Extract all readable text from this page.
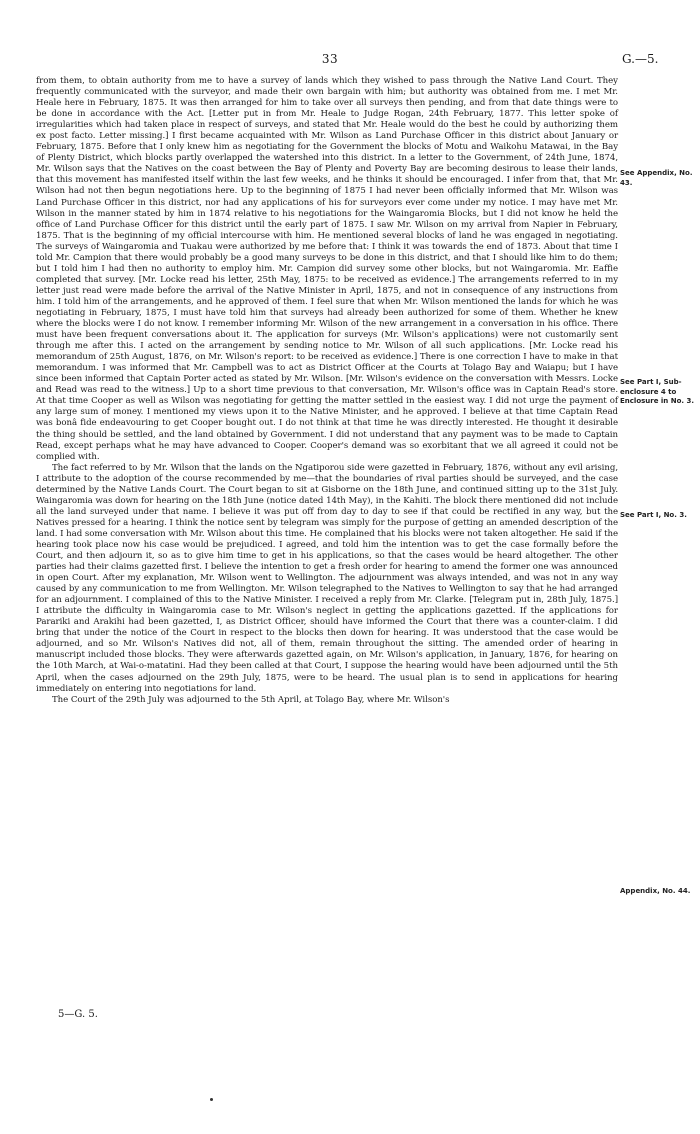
33	G.—5.

from them, to obtain authority from me to have a survey of lands which they wished to pass through the Native Land Court. They frequently communicated with the surveyor, and made their own bargain with him; but authority was obtained from me. I met Mr. Heale here in February, 1875. It was then arranged for him to take over all surveys then pending, and from that date things were to be done in accordance with the Act. [Letter put in from Mr. Heale to Judge Rogan, 24th February, 1877. This letter spoke of irregularities which had taken place in respect of surveys, and stated that Mr. Heale would do the best he could by authorizing them ex post facto. Letter missing.] I first became acquainted with Mr. Wilson as Land Purchase Officer in this district about January or February, 1875. Before that I only knew him as negotiating for the Government the blocks of Motu and Waikohu Matawai, in the Bay of Plenty District, which blocks partly overlapped the watershed into this district. In a letter to the Government, of 24th June, 1874, Mr. Wilson says that the Natives on the coast between the Bay of Plenty and Poverty Bay are becoming desirous to lease their lands, that this movement has manifested itself within the last few weeks, and he thinks it should be encouraged. I infer from that, that Mr. Wilson had not then begun negotiations here. Up to the beginning of 1875 I had never been officially informed that Mr. Wilson was Land Purchase Officer in this district, nor had any applications of his for surveyors ever come under my notice. I may have met Mr. Wilson in the manner stated by him in 1874 relative to his negotiations for the Waingaromia Blocks, but I did not know he held the office of Land Purchase Officer for this district until the early part of 1875. I saw Mr. Wilson on my arrival from Napier in February, 1875. That is the beginning of my official intercourse with him. He mentioned several blocks of land he was engaged in negotiating. The surveys of Waingaromia and Tuakau were authorized by me before that: I think it was towards the end of 1873. About that time I told Mr. Campion that there would probably be a good many surveys to be done in this district, and that I should like him to do them; but I told him I had then no authority to employ him. Mr. Campion did survey some other blocks, but not Waingaromia. Mr. Eaffie completed that survey. [Mr. Locke read his letter, 25th May, 1875: to be received as evidence.] The arrangements referred to in my letter just read were made before the arrival of the Native Minister in April, 1875, and not in consequence of any instructions from him. I told him of the arrangements, and he approved of them. I feel sure that when Mr. Wilson mentioned the lands for which he was negotiating in February, 1875, I must have told him that surveys had already been authorized for some of them. Whether he knew where the blocks were I do not know. I remember informing Mr. Wilson of the new arrangement in a conversation in his office. There must have been frequent conversations about it. The application for surveys (Mr. Wilson's applications) were not customarily sent through me after this. I acted on the arrangement by sending notice to Mr. Wilson of all such applications. [Mr. Locke read his memorandum of 25th August, 1876, on Mr. Wilson's report: to be received as evidence.] There is one correction I have to make in that memorandum. I was informed that Mr. Campbell was to act as District Officer at the Courts at Tolago Bay and Waiapu; but I have since been informed that Captain Porter acted as stated by Mr. Wilson. [Mr. Wilson's evidence on the conversation with Messrs. Locke and Read was read to the witness.] Up to a short time previous to that conversation, Mr. Wilson's office was in Captain Read's store. At that time Cooper as well as Wilson was negotiating for getting the matter settled in the easiest way. I did not urge the payment of any large sum of money. I mentioned my views upon it to the Native Minister, and he approved. I believe at that time Captain Read was bonâ fide endeavouring to get Cooper bought out. I do not think at that time he was directly interested. He thought it desirable the thing should be settled, and the land obtained by Government. I did not understand that any payment was to be made to Captain Read, except perhaps what he may have advanced to Cooper. Cooper's demand was so exorbitant that we all agreed it could not be complied with.

The fact referred to by Mr. Wilson that the lands on the Ngatiporou side were gazetted in February, 1876, without any evil arising, I attribute to the adoption of the course recommended by me—that the boundaries of rival parties should be surveyed, and the case determined by the Native Lands Court. The Court began to sit at Gisborne on the 18th June, and continued sitting up to the 31st July. Waingaromia was down for hearing on the 18th June (notice dated 14th May), in the Kahiti. The block there mentioned did not include all the land surveyed under that name. I believe it was put off from day to day to see if that could be rectified in any way, but the Natives pressed for a hearing. I think the notice sent by telegram was simply for the purpose of getting an amended description of the land. I had some conversation with Mr. Wilson about this time. He complained that his blocks were not taken altogether. He said if the hearing took place now his case would be prejudiced. I agreed, and told him the intention was to get the case formally before the Court, and then adjourn it, so as to give him time to get in his applications, so that the cases would be heard altogether. The other parties had their claims gazetted first. I believe the intention to get a fresh order for hearing to amend the former one was announced in open Court. After my explanation, Mr. Wilson went to Wellington. The adjournment was always intended, and was not in any way caused by any communication to me from Wellington. Mr. Wilson telegraphed to the Natives to Wellington to say that he had arranged for an adjournment. I complained of this to the Native Minister. I received a reply from Mr. Clarke. [Telegram put in, 28th July, 1875.] I attribute the difficulty in Waingaromia case to Mr. Wilson's neglect in getting the applications gazetted. If the applications for Parariki and Arakihi had been gazetted, I, as District Officer, should have informed the Court that there was a counter-claim. I did bring that under the notice of the Court in respect to the blocks then down for hearing. It was understood that the case would be adjourned, and so Mr. Wilson's Natives did not, all of them, remain throughout the sitting. The amended order of hearing in manuscript included those blocks. They were afterwards gazetted again, on Mr. Wilson's application, in January, 1876, for hearing on the 10th March, at Wai-o-matatini. Had they been called at that Court, I suppose the hearing would have been adjourned until the 5th April, when the cases adjourned on the 29th July, 1875, were to be heard. The usual plan is to send in applications for hearing immediately on entering into negotiations for land.

The Court of the 29th July was adjourned to the 5th April, at Tolago Bay, where Mr. Wilson's

See Appendix, No. 43.
See Part I, Sub-enclosure 4 to Enclosure in No. 3.
See Part I, No. 3.
Appendix, No. 44.
5—G. 5.
